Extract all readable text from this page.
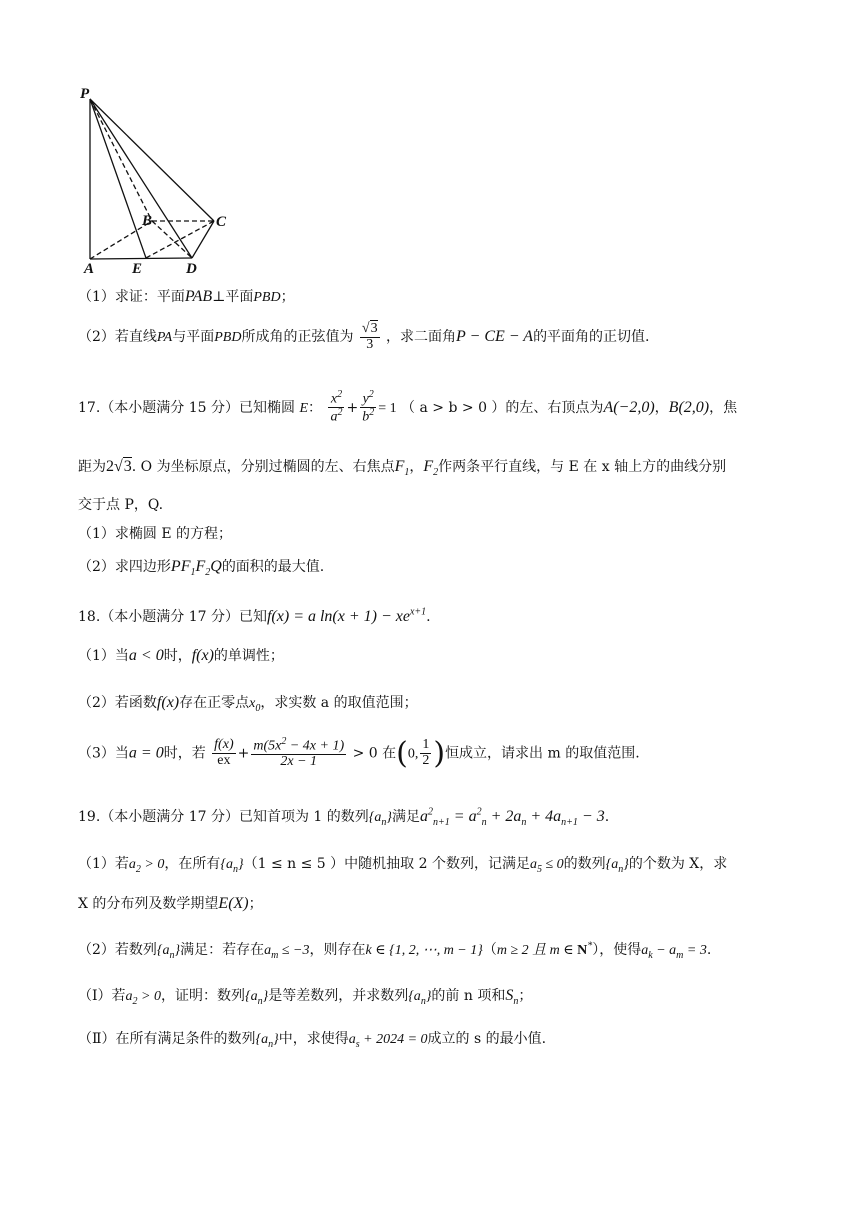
P
B	C
A	E	D
（1）求证：平面PAB⊥平面PBD；
（2）若直线PA与平面PBD所成角的正弦值为 $\frac{√3}{3}$ ，求二面角P − CE − A的平面角的正切值.
17.（本小题满分 15 分）已知椭圆 E： $\frac{x^2}{a^2} + \frac{y^2}{b^2} = 1$ （ a > b > 0 ）的左、右顶点为A(−2,0)，B(2,0)，焦
距为2√3. O 为坐标原点，分别过椭圆的左、右焦点$F_1$，$F_2$作两条平行直线，与 E 在 x 轴上方的曲线分别
交于点 P，Q.
（1）求椭圆 E 的方程；
（2）求四边形$PF_1F_2Q$的面积的最大值.
18.（本小题满分 17 分）已知f(x) = a $\ln(x + 1) - xe^{x+1}$.
（1）当a < 0时，f(x)的单调性；
（2）若函数f(x)存在正零点$x_0$，求实数 a 的取值范围；
（3）当a = 0时，若 $\frac{f(x)}{ex} + \frac{m(5x^2 - 4x + 1)}{2x - 1} > 0$ 在(0, $\frac{1}{2}$ )恒成立，请求出 m 的取值范围.
19.（本小题满分 17 分）已知首项为 1 的数列$\{a_n\}$满足$a^2_{n+1} = a^2_n + 2a_n + 4a_{n+1} - 3$.
（1）若$a_2 > 0$，在所有$\{a_n\}(1 \le n \le 5$ ）中随机抽取 2 个数列，记满足$a_5 \le 0$的数列$\{a_n\}$的个数为 X，求
X 的分布列及数学期望E(X)；
（2）若数列$\{a_n\}$满足：若存在$a_m \le -3$，则存在k ∈ {1, 2, ⋯, m − 1}（m ≥ 2 且 m ∈ N*），使得$a_k - a_m = 3$.
（Ⅰ）若$a_2 > 0$，证明：数列$\{a_n\}$是等差数列，并求数列$\{a_n\}$的前 n 项和$S_n$；
（Ⅱ）在所有满足条件的数列$\{a_n\}$中，求使得$a_s + 2024 = 0$成立的 s 的最小值.
